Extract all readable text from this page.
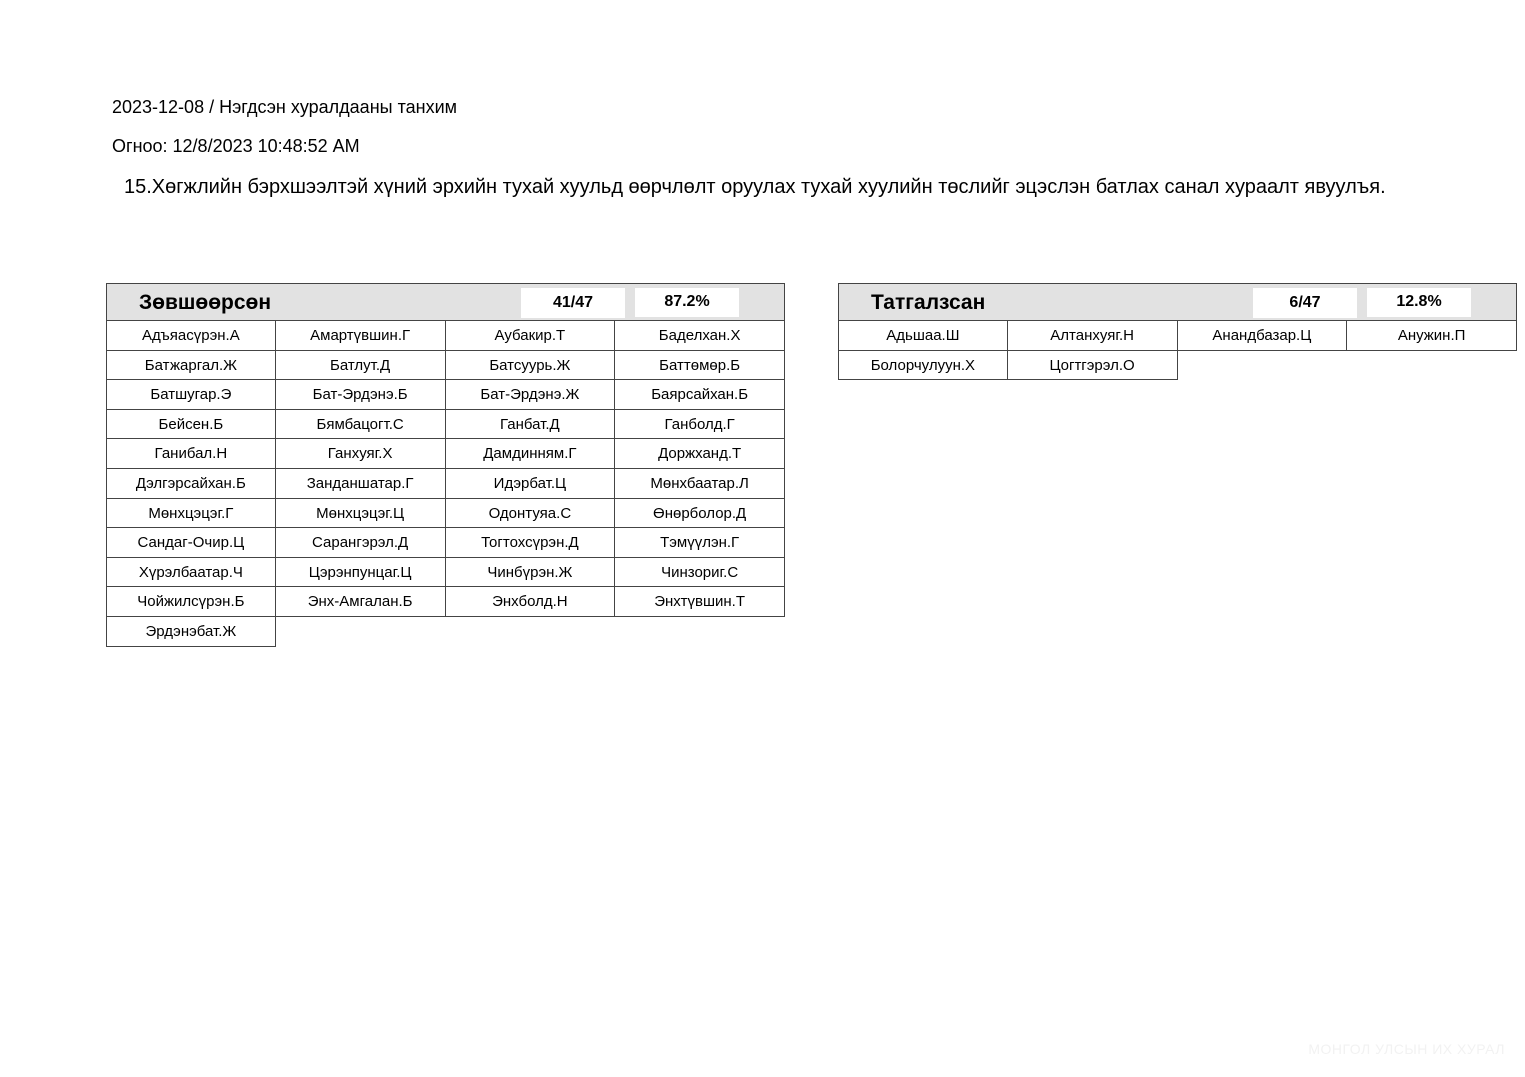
2023-12-08 / Нэгдсэн хуралдааны танхим
Огноо: 12/8/2023 10:48:52 AM
15.Хөгжлийн бэрхшээлтэй хүний эрхийн тухай хуульд өөрчлөлт оруулах тухай хуулийн төслийг эцэслэн батлах санал хураалт явуулъя.
Зөвшөөрсөн	41/47	87.2%
Адъяасүрэн.А	Амартүвшин.Г	Аубакир.Т	Баделхан.Х
Батжаргал.Ж	Батлут.Д	Батсуурь.Ж	Баттөмөр.Б
Батшугар.Э	Бат-Эрдэнэ.Б	Бат-Эрдэнэ.Ж	Баярсайхан.Б
Бейсен.Б	Бямбацогт.С	Ганбат.Д	Ганболд.Г
Ганибал.Н	Ганхуяг.Х	Дамдинням.Г	Доржханд.Т
Дэлгэрсайхан.Б	Занданшатар.Г	Идэрбат.Ц	Мөнхбаатар.Л
Мөнхцэцэг.Г	Мөнхцэцэг.Ц	Одонтуяа.С	Өнөрболор.Д
Сандаг-Очир.Ц	Сарангэрэл.Д	Тогтохсүрэн.Д	Тэмүүлэн.Г
Хүрэлбаатар.Ч	Цэрэнпунцаг.Ц	Чинбүрэн.Ж	Чинзориг.С
Чойжилсүрэн.Б	Энх-Амгалан.Б	Энхболд.Н	Энхтүвшин.Т
Эрдэнэбат.Ж
Татгалзсан	6/47	12.8%
Адьшаа.Ш	Алтанхуяг.Н	Анандбазар.Ц	Анужин.П
Болорчулуун.Х	Цогтгэрэл.О
МОНГОЛ УЛСЫН ИХ ХУРАЛ
